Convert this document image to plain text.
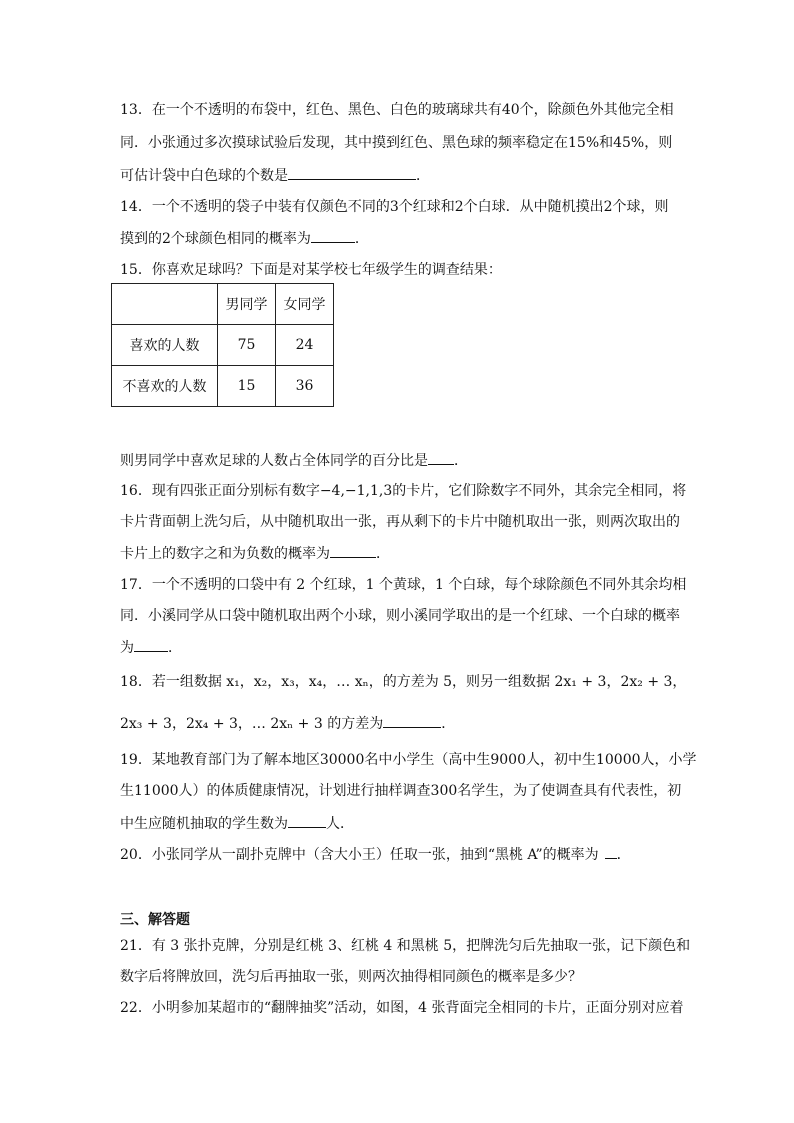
13．在一个不透明的布袋中，红色、黑色、白色的玻璃球共有40个，除颜色外其他完全相
同．小张通过多次摸球试验后发现，其中摸到红色、黑色球的频率稳定在15%和45%，则
可估计袋中白色球的个数是	．
14．一个不透明的袋子中装有仅颜色不同的3个红球和2个白球．从中随机摸出2个球，则
摸到的2个球颜色相同的概率为	．
15．你喜欢足球吗？下面是对某学校七年级学生的调查结果：
	男同学	女同学
喜欢的人数	75	24
不喜欢的人数	15	36
则男同学中喜欢足球的人数占全体同学的百分比是 ．
16．现有四张正面分别标有数字−4,−1,1,3的卡片，它们除数字不同外，其余完全相同，将
卡片背面朝上洗匀后，从中随机取出一张，再从剩下的卡片中随机取出一张，则两次取出的
卡片上的数字之和为负数的概率为	．
17．一个不透明的口袋中有 2 个红球，1 个黄球，1 个白球，每个球除颜色不同外其余均相
同．小溪同学从口袋中随机取出两个小球，则小溪同学取出的是一个红球、一个白球的概率
为 ．
18．若一组数据 x₁，x₂，x₃，x₄，… xₙ，的方差为 5，则另一组数据 2x₁ + 3，2x₂ + 3，
2x₃ + 3，2x₄ + 3，… 2xₙ + 3 的方差为	．
19．某地教育部门为了解本地区30000名中小学生（高中生9000人，初中生10000人，小学
生11000人）的体质健康情况，计划进行抽样调查300名学生，为了使调查具有代表性，初
中生应随机抽取的学生数为	人．
20．小张同学从一副扑克牌中（含大小王）任取一张，抽到“黑桃 A”的概率为 ．
三、解答题
21．有 3 张扑克牌，分别是红桃 3、红桃 4 和黑桃 5，把牌洗匀后先抽取一张，记下颜色和
数字后将牌放回，洗匀后再抽取一张，则两次抽得相同颜色的概率是多少？
22．小明参加某超市的“翻牌抽奖”活动，如图，4 张背面完全相同的卡片，正面分别对应着
